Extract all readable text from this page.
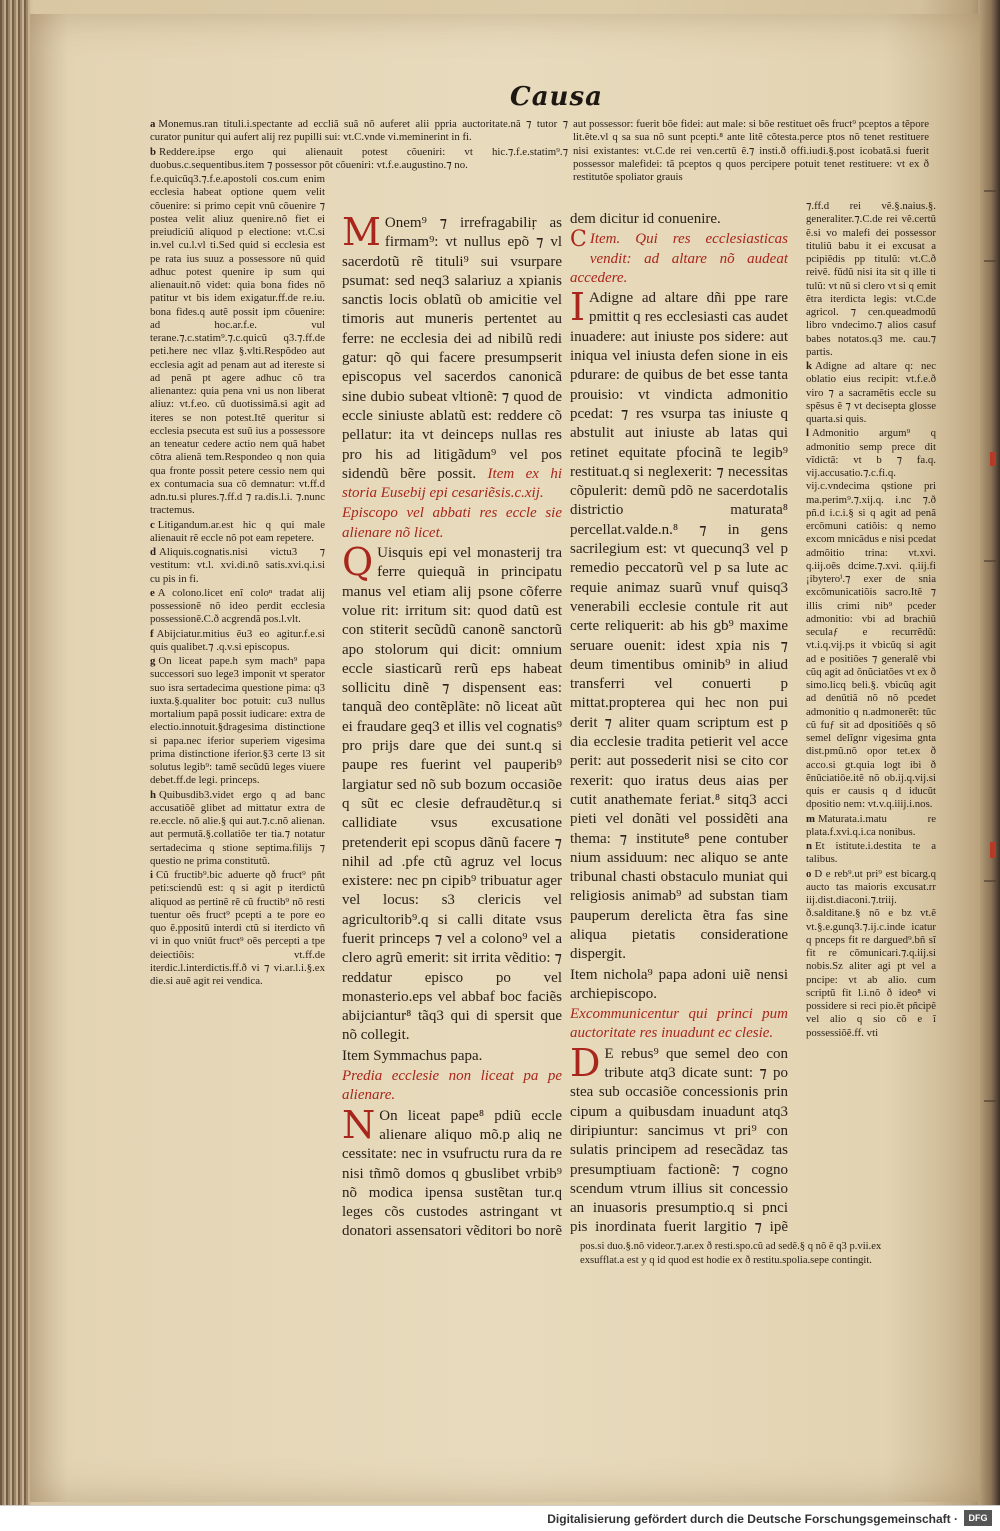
Causa

a Monemus.ran tituli.i.spectante ad eccliã suã nõ auferet alii ppria auctoritate.nã ⁊ tutor ⁊ curator punitur qui aufert alij rez pupilli sui: vt.C.vnde vi.meminerint in fi.

b Reddere.ipse ergo qui alienauit potest cõueniri: vt hic.⁊.f.e.statim⁹.⁊ duobus.c.sequentibus.item ⁊ possessor põt cõueniri: vt.f.e.augustino.⁊ no.

f.e.quicũq3.⁊.f.e.apostoli cos.cum enim ecclesia habeat optione quem velit cõuenire: si primo cepit vnũ cõuenire ⁊ postea velit aliuz quenire.nõ fiet ei preiudiciũ aliquod p electione: vt.C.si in.vel cu.l.vl ti.Sed quid si ecclesia est pe rata ius suuz a possessore nũ quid adhuc potest quenire ip sum qui alienauit.nõ videt: quia bona fides nõ patitur vt bis idem exigatur.ff.de re.iu. bona fides.q autẽ possit ipm cõuenire: ad hoc.ar.f.e. vul terane.⁊.c.statim⁹.⁊.c.quicũ q3.⁊.ff.de peti.here nec vllaz §.vlti.Respõdeo aut ecclesia agit ad penam aut ad itereste si ad penã pt agere adhuc cõ tra alienantez: quia pena vni us non liberat aliuz: vt.f.eo. cũ duotissimã.si agit ad iteres se non potest.Itẽ queritur si ecclesia psecuta est suũ ius a possessore an teneatur cedere actio nem quã habet cõtra alienã tem.Respondeo q non quia qua fronte possit petere cessio nem qui ex contumacia sua cõ demnatur: vt.ff.d adn.tu.si plures.⁊.ff.d ⁊ ra.dis.l.i. ⁊.nunc tractemus.

c Litigandum.ar.est hic q qui male alienauit rẽ eccle nõ pot eam repetere.

d Aliquis.cognatis.nisi victu3 ⁊ vestitum: vt.l. xvi.di.nõ satis.xvi.q.i.si cu pis in fi.

e A colono.licet enĩ coloⁿ tradat alij possessionẽ nõ ideo perdit ecclesia possessionẽ.C.ð acgrendã pos.l.vlt.

f Abijciatur.mitius ẽu3 eo agitur.f.e.si quis qualibet.⁊ .q.v.si episcopus.

g On liceat pape.h sym mach⁹ papa successori suo lege3 imponit vt sperator suo isra sertadecima questione pima: q3 iuxta.§.qualiter boc potuit: cu3 nullus mortalium papã possit iudicare: extra de electio.innotuit.§dragesima distinctione si papa.nec iferior superiem vigesima prima distinctione iferior.§3 certe l3 sit solutus legib⁹: tamẽ secũdũ leges viuere debet.ff.de legi. princeps.

h Quibusdib3.videt ergo q ad banc accusatiõẽ glibet ad mittatur extra de re.eccle. nõ alie.§ qui aut.⁊.c.nõ alienan. aut permutã.§.collatiõe ter tia.⁊ notatur sertadecima q stione septima.filijs ⁊ questio ne prima constitutũ.

i Cũ fructib⁹.bic aduerte qð fruct⁹ pñt peti:sciendũ est: q si agit p iterdictũ aliquod aɞ pertinẽ rẽ cũ fructib⁹ nõ resti tuentur oẽs fruct⁹ pcepti a te pore eo quo ẽ.ppositũ interdi ctũ si iterdicto vñ vi in quo vniũt fruct⁹ oẽs percepti a tpe deiectiõis: vt.ff.de iterdic.l.interdictis.ff.ð vi ⁊ vi.ar.l.i.§.ex die.si auẽ agit rei vendica.

M Onem⁹ ⁊ irrefragabiliṛ as firmam⁹: vt nullus epõ ⁊ vl sacerdotũ rẽ tituli⁹ sui vsurpare psumat: sed neq3 salariuz a xpianis sanctis locis oblatũ ob amicitie vel timoris aut muneris pertentet au ferre: ne ecclesia dei ad nibilũ redi gatur: qõ qui facere presumpserit episcopus vel sacerdos canonicã sine dubio subeat vltionẽ: ⁊ quod de eccle siniuste ablatũ est: reddere cõ pellatur: ita vt deinceps nullas res pro his ad litigãdum⁹ vel pos sidendũ bẽre possit. Item ex hi storia Eusebij epi cesariẽsis.c.xij.

Episcopo vel abbati res eccle sie alienare nõ licet.

Q Uisquis epi vel monasterij tra ferre quiequã in principatu manus vel etiam alij psone cõferre volue rit: irritum sit: quod datũ est con stiterit secũdũ canonẽ sanctorũ apo stolorum qui dicit: omnium eccle siasticarũ rerũ eps habeat sollicitu dinẽ ⁊ dispensent eas: tanquã deo contẽplãte: nõ liceat aũt ei fraudare geq3 et illis vel cognatis⁹ pro prijs dare que dei sunt.q si paupe res fuerint vel pauperib⁹ largiatur sed nõ sub bozum occasiõe q sũt ec clesie defraudẽtur.q si callidiate vsus excusatione pretenderit epi scopus dãnũ facere ⁊ nihil ad .pfe ctũ agruz vel locus existere: nec pn cipib⁹ tribuatur ager vel locus: s3 clericis vel agricultorib⁹.q si calli ditate vsus fuerit princeps ⁊ vel a colono⁹ vel a clero agrũ emerit: sit irrita vẽditio: ⁊ reddatur episco po vel monasterio.eps vel abbaf boc faciẽs abijciantur⁸ tãq3 qui di spersit que nõ collegit.

Item Symmachus papa.

Predia ecclesie non liceat pa pe alienare.

N On liceat pape⁸ pdiũ eccle alienare aliquo mõ.p aliq ne cessitate: nec in vsufructu rura da re nisi tñmõ domos q gbuslibet vrbib⁹ nõ modica ipensa sustẽtan tur.q leges cõs custodes astringant vt donatori assensatori vẽditori bo norẽ

aut possessor: fuerit bõe fidei: aut male: si bõe restituet oẽs fruct⁹ pceptos a tẽpore lit.ẽte.vl q sa sua nõ sunt pcepti.⁸ ante litẽ cõtesta.perce ptos nõ tenet restituere nisi existantes: vt.C.de rei ven.certũ ẽ.⁊ insti.ð offi.iudi.§.post icobatã.si fuerit possessor malefidei: tã pceptos q quos percipere potuit tenet restituere: vt ex ð restitutõe spoliator grauis

dem dicitur id conuenire.

C Item. Qui res ecclesiasticas vendit: ad altare nõ audeat accedere.

I Adigne ad altare dñi ppe rare pmittit q res ecclesiasti cas audet inuadere: aut iniuste pos sidere: aut iniqua vel iniusta defen sione in eis pdurare: de quibus de bet esse tanta prouisio: vt vindicta admonitio pcedat: ⁊ res vsurpa tas iniuste q abstulit aut iniuste ab latas qui retinet equitate pfocinã te legib⁹ restituat.q si neglexerit: ⁊ necessitas cõpulerit: demũ pdõ ne sacerdotalis districtio maturata⁸ percellat.valde.n.⁸ ⁊ in gens sacrilegium est: vt quecunq3 vel p remedio peccatorũ vel p sa lute ac requie animaz suarũ vnuf quisq3 venerabili ecclesie contule rit aut certe reliquerit: ab his gb⁹ maxime seruare ouenit: idest xpia nis ⁊ deum timentibus ominib⁹ in aliud transferri vel conuerti p mittat.propterea qui hec non pui derit ⁊ aliter quam scriptum est p dia ecclesie tradita petierit vel acce perit: aut possederit nisi se cito cor rexerit: quo iratus deus aias per cutit anathemate feriat.⁸ sitq3 acci pieti vel donãti vel possidẽti ana thema: ⁊ institute⁸ pene contuber nium assiduum: nec aliquo se ante tribunal chasti obstaculo muniat qui religiosis animab⁹ ad substan tiam pauperum derelicta ẽtra fas sine aliqua pietatis consideratione dispergit.

Item nichola⁹ papa adoni uiẽ nensi archiepiscopo.

Excommunicentur qui princi pum auctoritate res inuadunt ec clesie.

D E rebus⁹ que semel deo con tribute atq3 dicate sunt: ⁊ po stea sub occasiõe concessionis prin cipum a quibusdam inuadunt atq3 diripiuntur: sancimus vt pri⁹ con sulatis principem ad resecãdaz tas presumptiuam factionẽ: ⁊ cogno scendum vtrum illius sit concessio an inuasoris presumptio.q si pnci pis inordinata fuerit largitio ⁊ ipẽ

⁊.ff.d rei vẽ.§.naius.§. generaliter.⁊.C.de rei vẽ.certũ ẽ.si vo malefi dei possessor tituliũ babu it ei excusat a pcipiẽdis pp titulũ: vt.C.ð reivẽ. fũdũ nisi ita sit q ille ti tulũ: vt nũ si clero vt si q emit ẽtra iterdicta legis: vt.C.de agricol. ⁊ cen.queadmodũ libro vndecimo.⁊ alios casuf babes notatos.q3 me. cau.⁊ partis.

k Adigne ad altare q: nec oblatio eius recipit: vt.f.e.ð viro ⁊ a sacramẽtis eccle su spẽsus ẽ ⁊ vt decisepta glosse quarta.si quis.

l Admonitio argum⁹ q admonitio semp prece dit vĩdictã: vt b ⁊ fa.q. vij.accusatio.⁊.c.fi.q. vij.c.vndecima qstione pri ma.perim⁹.⁊.xij.q. i.nc ⁊.ð pñ.d i.c.i.§ si q agit ad penã ercõmuni catiõis: q nemo excom mnicãdus e nisi pcedat admõitio trina: vt.xvi. q.iij.oẽs dcime.⁊.xvi. q.iij.fi ¡ibyteroⁱ.⁊ exer de snia excõmunicatiõis sacro.Itẽ ⁊ illis crimi nib⁹ pceder admonitio: vbi ad brachiũ seculaƒ e recurrẽdũ: vt.i.q.vij.ps it vbicũq si agit ad e positiões ⁊ generalẽ vbi cũq agit ad õnũciatões vt ex ð simo.licq beli.§. vbicũq agit ad denũtiã nõ nõ pcedet admonitio q n.admonerẽt: tũc cũ fuƒ sit ad dpositiõẽs q sõ semel delĩgnr vigesima gnta dist.pmũ.nõ opor tet.ex ð acco.si gt.quia logt ibi ð ẽnũciatiõe.itẽ nõ ob.ij.q.vij.si quis er causis q d iducũt dpositio nem: vt.v.q.iiij.i.nos.

m Maturata.i.matu re plata.f.xvi.q.i.ca nonibus.

n Et istitute.i.destita te a talibus.

o D e reb⁹.ut pri⁹ est bicarg.q aucto tas maioris excusat.rr iij.dist.diaconi.⁊.triij. ð.salditane.§ nõ e bz vt.ẽ vt.§.e.gunq3.⁊.ij.c.inde icatur q pnceps fit re dargued⁹.bñ sĩ fit re cõmunicari.⁊.q.iij.si nobis.Sz aliter agi pt vel a pncipe: vt ab alio. cum scriptũ fit l.i.nõ ð ideo⁸ vi possidere si reci pio.ẽt pñcipẽ vel alio q sio cõ e ĩ possessiõẽ.ff. vti

pos.si duo.§.nõ videor.⁊.ar.ex ð resti.spo.cũ ad sedẽ.§ q nõ ẽ q3 p.vii.ex
exsufflat.a est y q id quod est hodie ex ð restitu.spolia.sepe contingit.
Digitalisierung gefördert durch die Deutsche Forschungsgemeinschaft ·	DFG
